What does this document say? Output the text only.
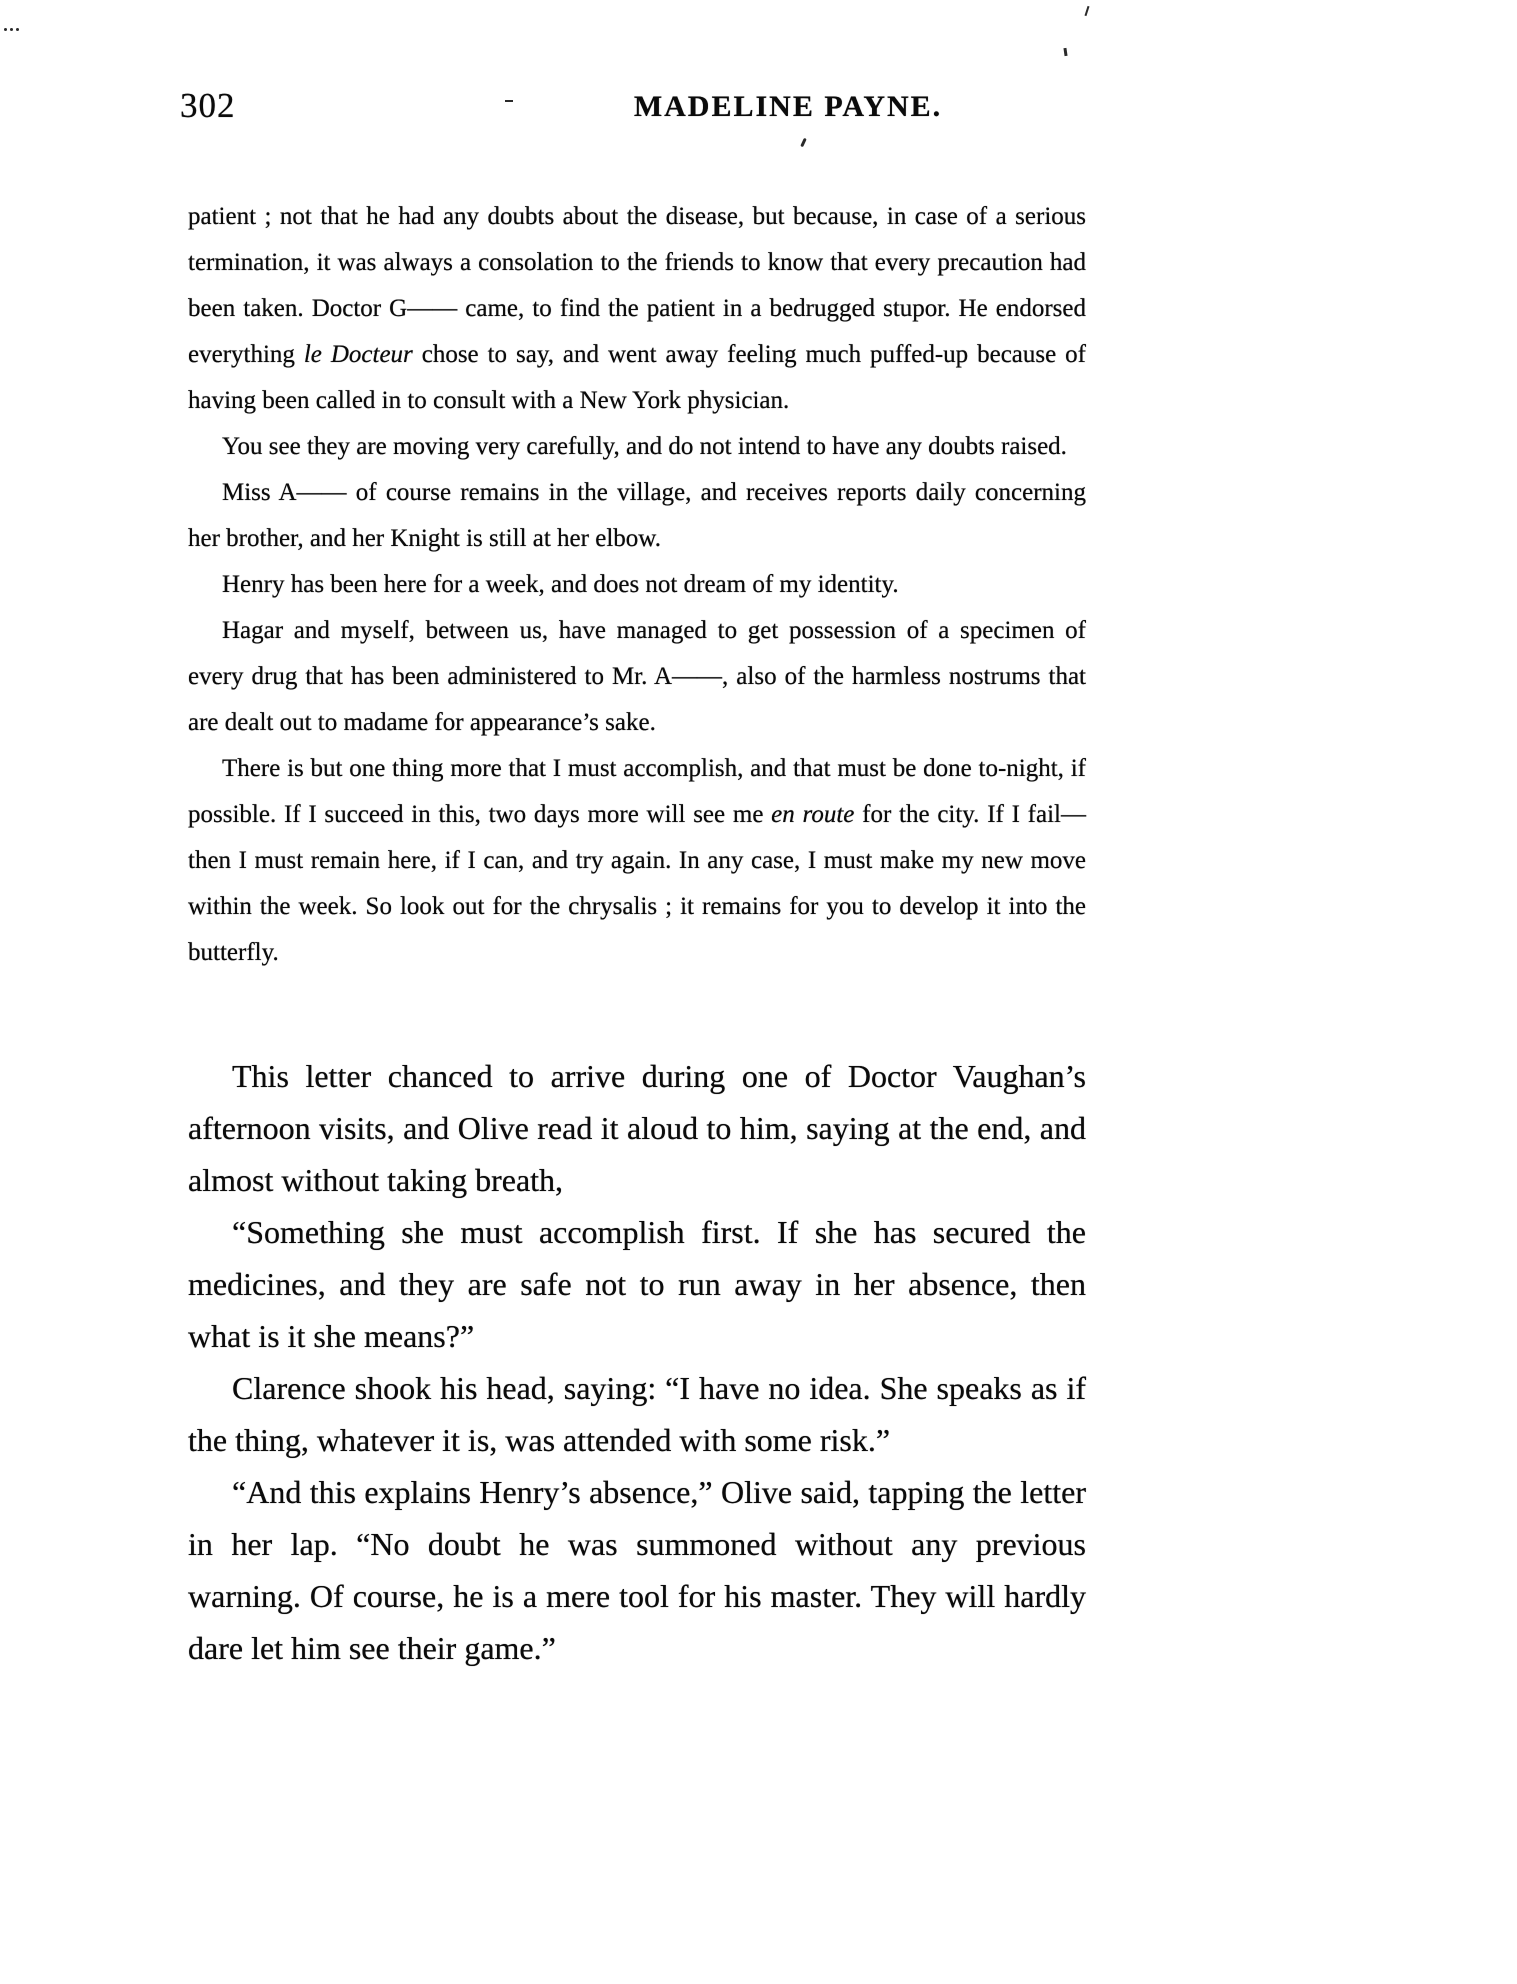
302	MADELINE PAYNE.

patient ; not that he had any doubts about the disease, but because, in case of a serious termination, it was always a consolation to the friends to know that every precaution had been taken. Doctor G—— came, to find the patient in a bedrugged stupor. He endorsed everything le Docteur chose to say, and went away feeling much puffed-up because of having been called in to consult with a New York physician.

You see they are moving very carefully, and do not intend to have any doubts raised.

Miss A—— of course remains in the village, and receives reports daily concerning her brother, and her Knight is still at her elbow.

Henry has been here for a week, and does not dream of my identity.

Hagar and myself, between us, have managed to get possession of a specimen of every drug that has been administered to Mr. A——, also of the harmless nostrums that are dealt out to madame for appearance’s sake.

There is but one thing more that I must accomplish, and that must be done to-night, if possible. If I succeed in this, two days more will see me en route for the city. If I fail—then I must remain here, if I can, and try again. In any case, I must make my new move within the week. So look out for the chrysalis ; it remains for you to develop it into the butterfly.

This letter chanced to arrive during one of Doctor Vaughan’s afternoon visits, and Olive read it aloud to him, saying at the end, and almost without taking breath,

“Something she must accomplish first. If she has secured the medicines, and they are safe not to run away in her absence, then what is it she means?”

Clarence shook his head, saying: “I have no idea. She speaks as if the thing, whatever it is, was attended with some risk.”

“And this explains Henry’s absence,” Olive said, tapping the letter in her lap. “No doubt he was summoned without any previous warning. Of course, he is a mere tool for his master. They will hardly dare let him see their game.”
